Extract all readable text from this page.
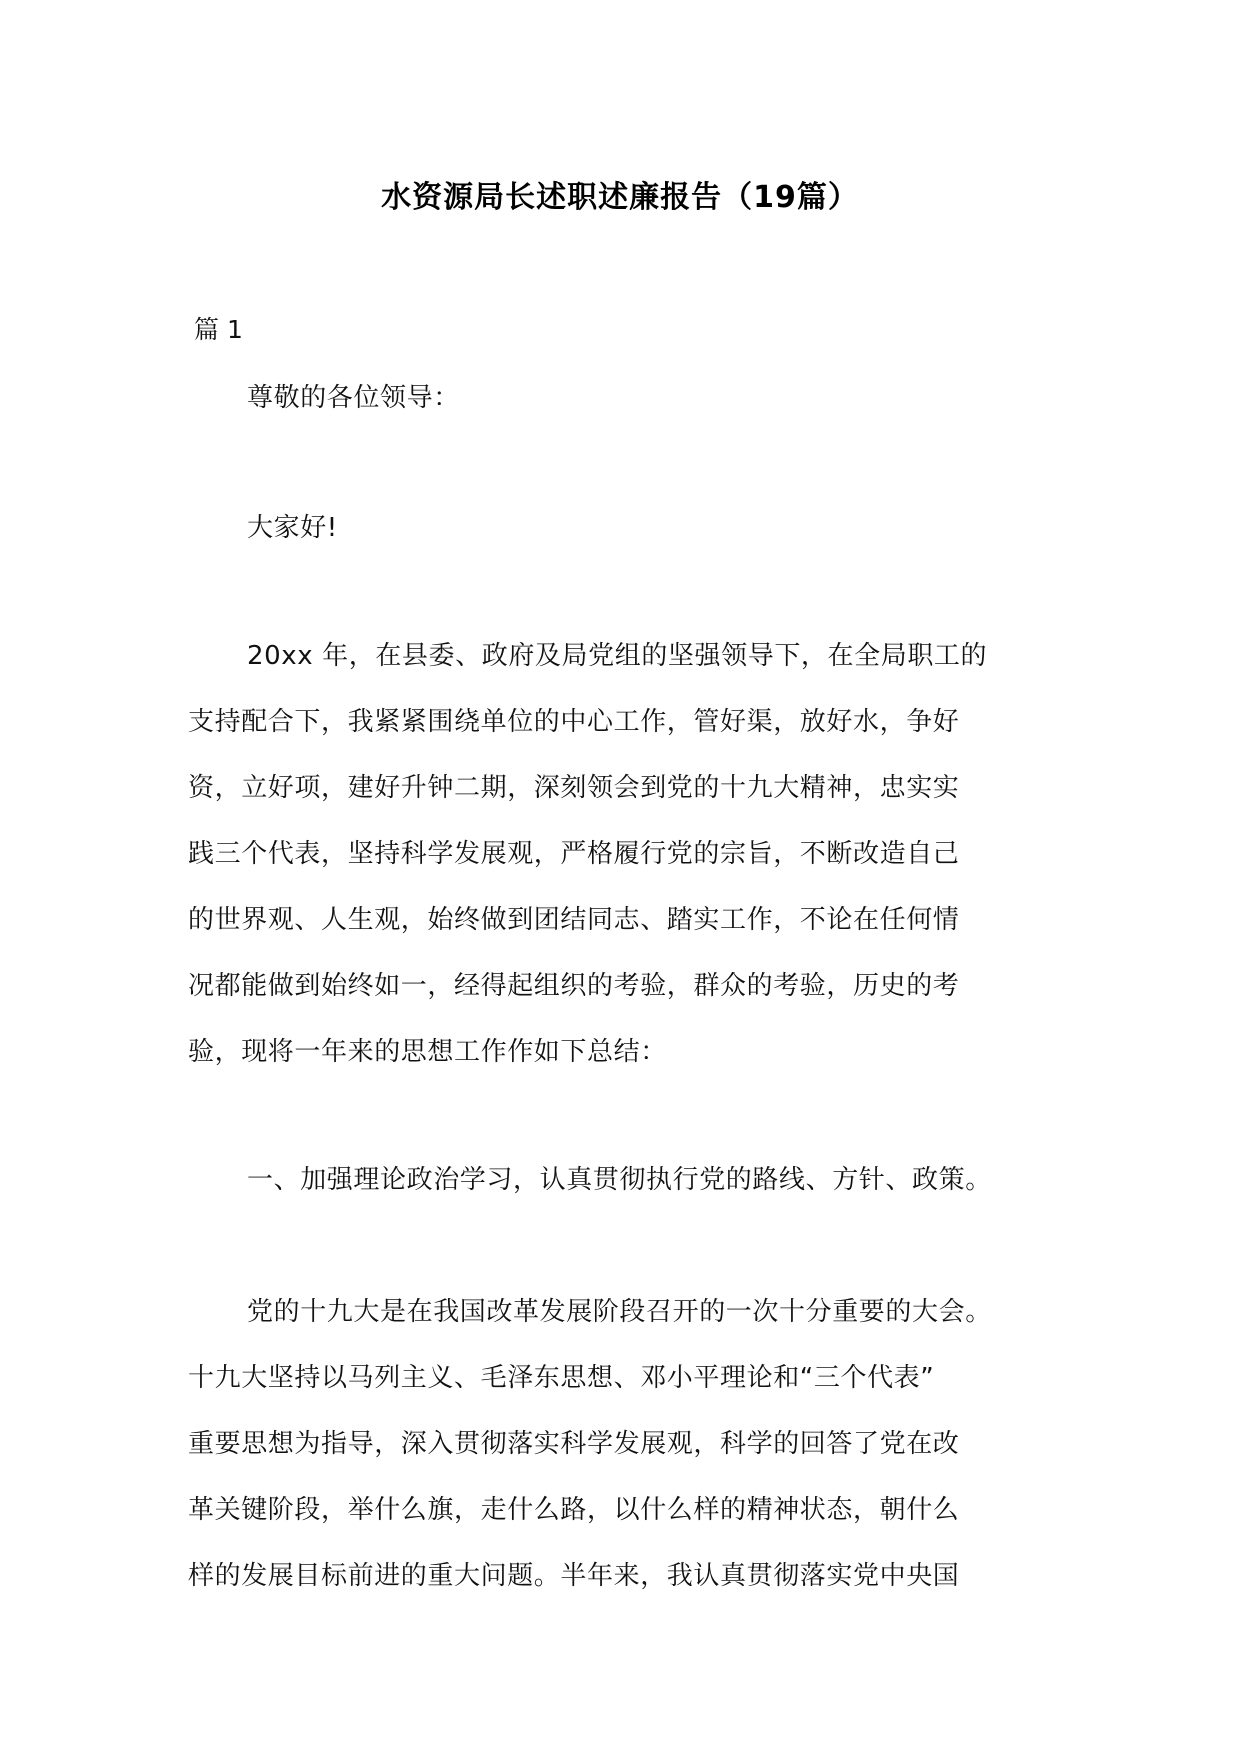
水资源局长述职述廉报告（19篇）
篇 1
尊敬的各位领导：
大家好!
20xx 年，在县委、政府及局党组的坚强领导下，在全局职工的
支持配合下，我紧紧围绕单位的中心工作，管好渠，放好水，争好
资，立好项，建好升钟二期，深刻领会到党的十九大精神，忠实实
践三个代表，坚持科学发展观，严格履行党的宗旨，不断改造自己
的世界观、人生观，始终做到团结同志、踏实工作，不论在任何情
况都能做到始终如一，经得起组织的考验，群众的考验，历史的考
验，现将一年来的思想工作作如下总结：
一、加强理论政治学习，认真贯彻执行党的路线、方针、政策。
党的十九大是在我国改革发展阶段召开的一次十分重要的大会。
十九大坚持以马列主义、毛泽东思想、邓小平理论和“三个代表”
重要思想为指导，深入贯彻落实科学发展观，科学的回答了党在改
革关键阶段，举什么旗，走什么路，以什么样的精神状态，朝什么
样的发展目标前进的重大问题。半年来，我认真贯彻落实党中央国
